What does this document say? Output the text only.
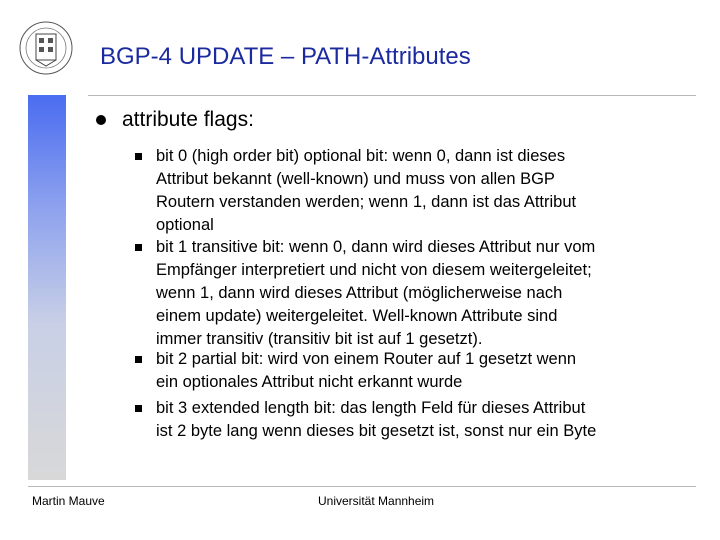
BGP-4 UPDATE – PATH-Attributes
attribute flags:
bit 0 (high order bit) optional bit: wenn 0, dann ist dieses
Attribut bekannt (well-known) und muss von allen BGP
Routern verstanden werden; wenn 1, dann ist das Attribut
optional
bit 1 transitive bit: wenn 0, dann wird dieses Attribut nur vom
Empfänger interpretiert und nicht von diesem weitergeleitet;
wenn 1, dann wird dieses Attribut (möglicherweise nach
einem update) weitergeleitet. Well-known Attribute sind
immer transitiv (transitiv bit ist auf 1 gesetzt).
bit 2 partial bit: wird von einem Router auf 1 gesetzt wenn
ein optionales Attribut nicht erkannt wurde
bit 3 extended length bit: das length Feld für dieses Attribut
ist 2 byte lang wenn dieses bit gesetzt ist, sonst nur ein Byte
Martin Mauve	Universität Mannheim
